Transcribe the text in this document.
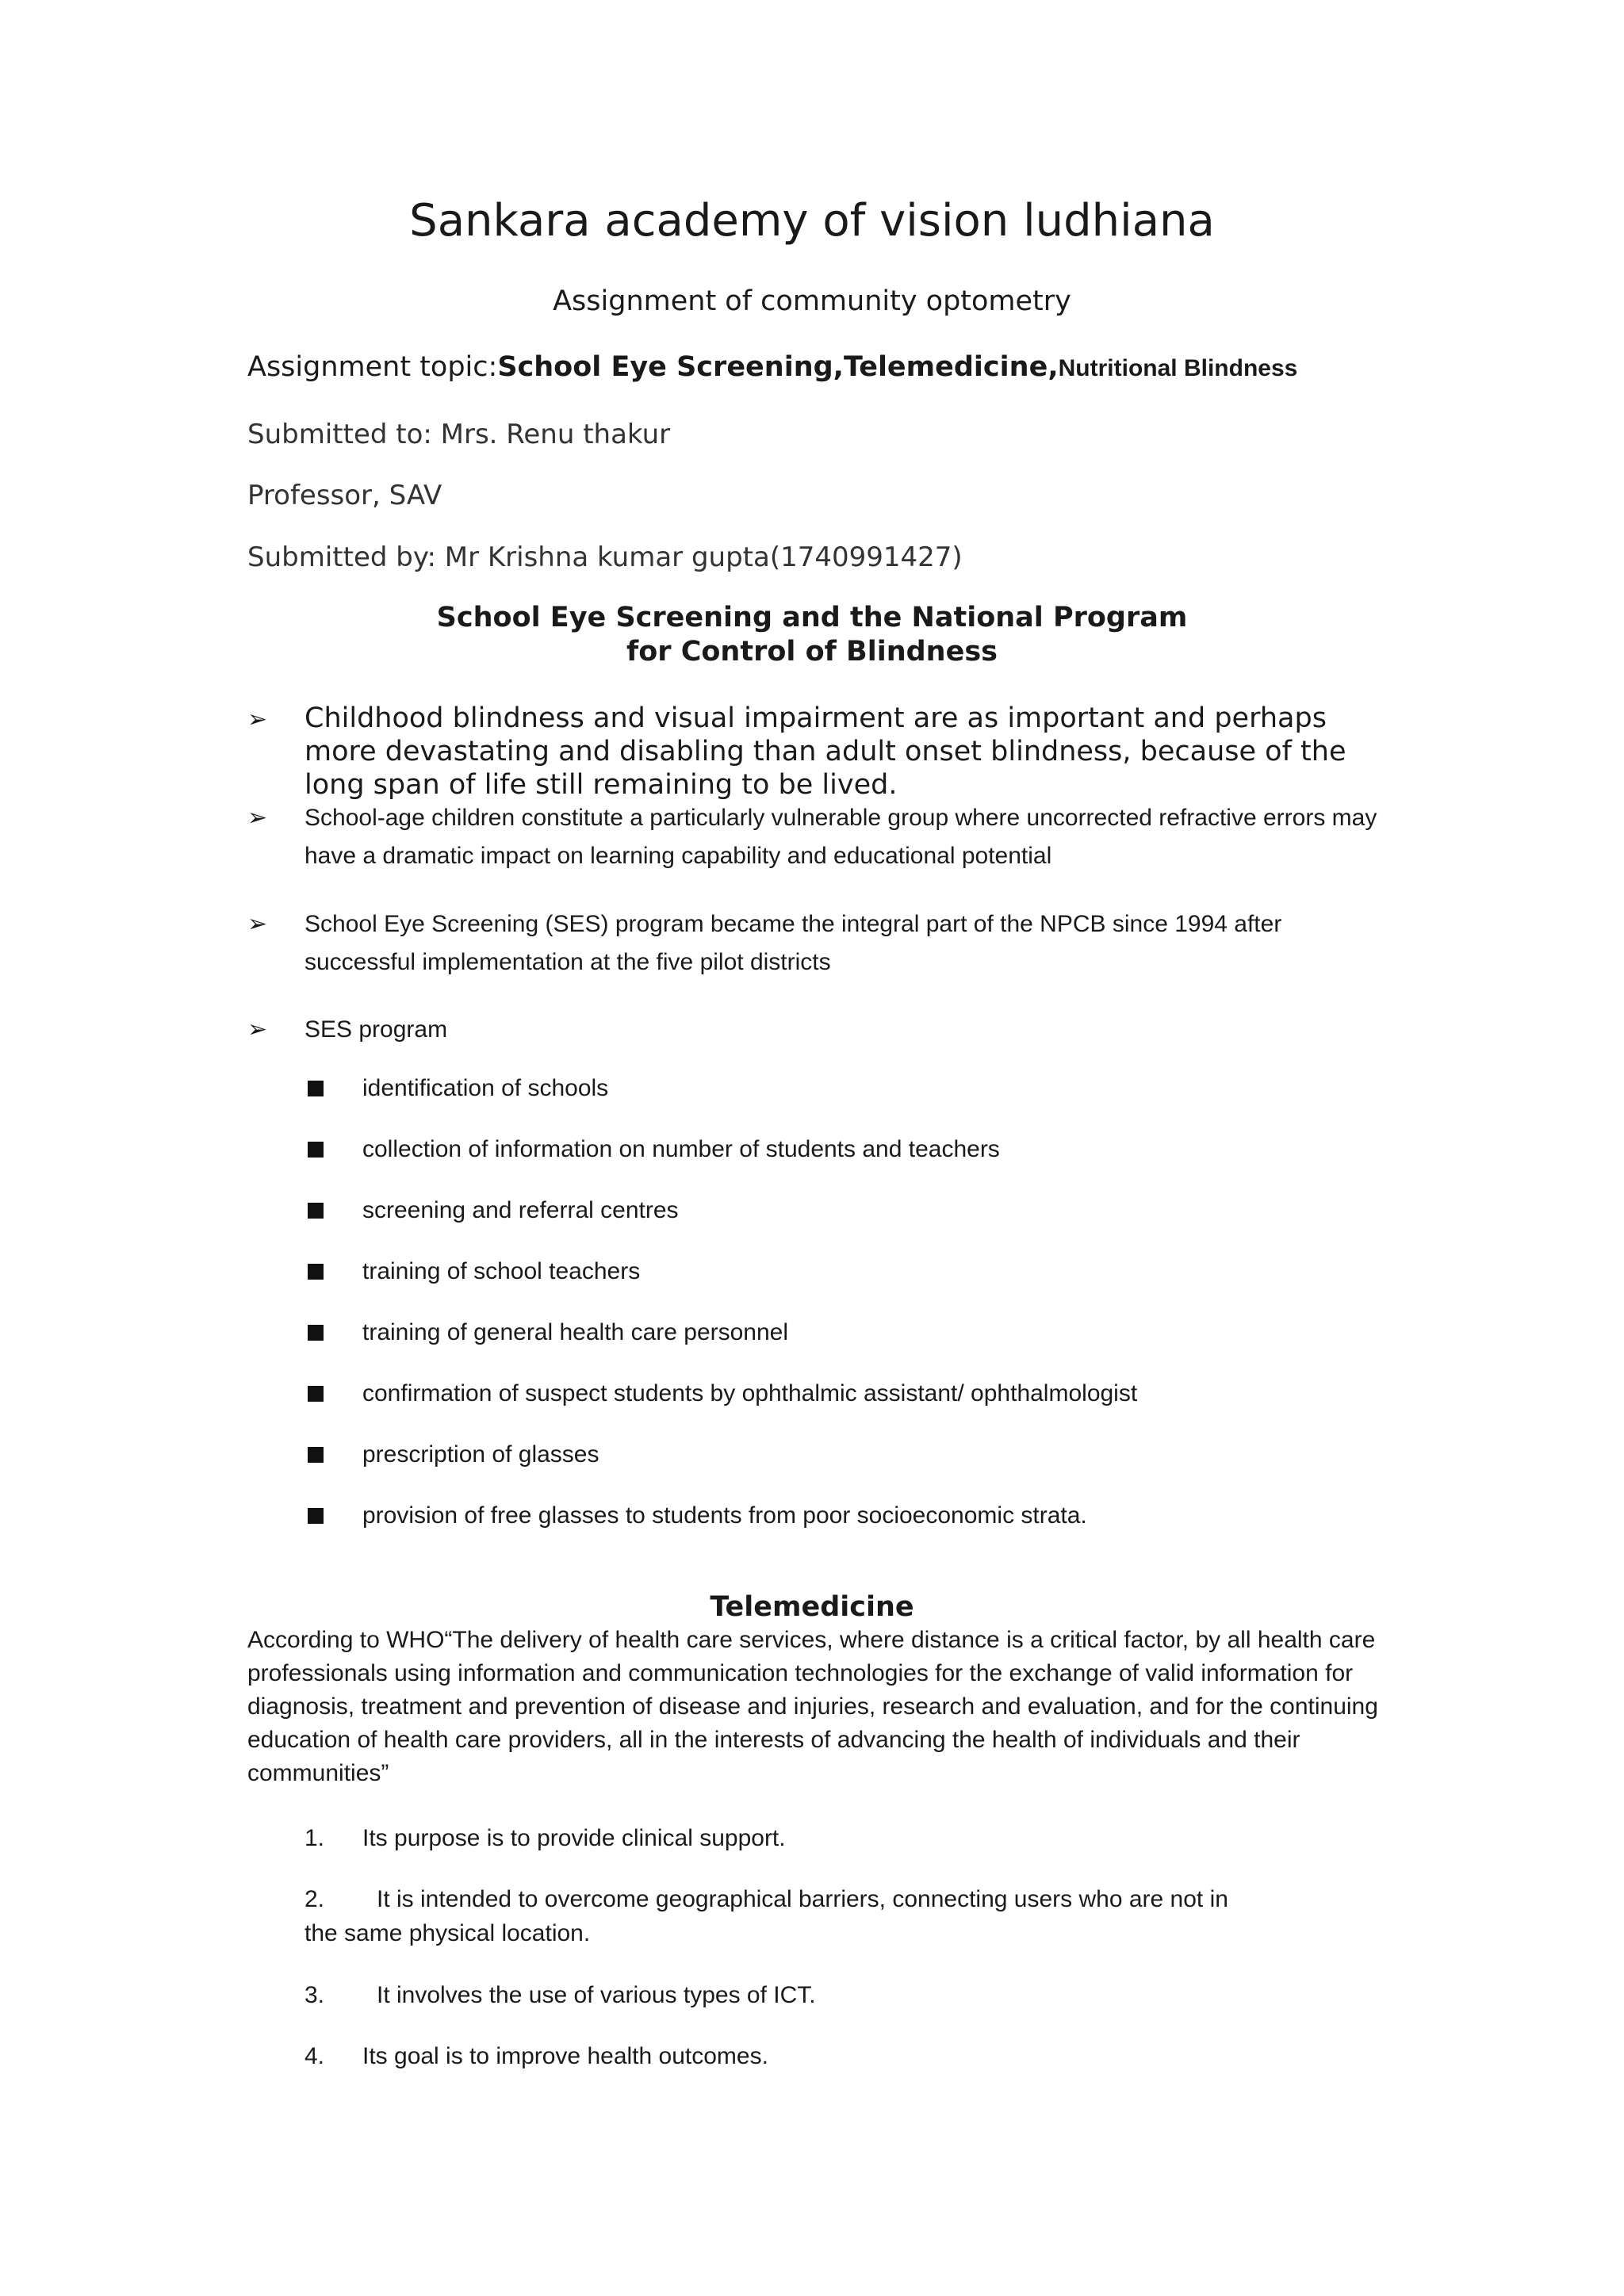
Sankara academy of vision ludhiana
Assignment of community optometry
Assignment topic:School Eye Screening,Telemedicine,Nutritional Blindness
Submitted to: Mrs. Renu thakur
Professor, SAV
Submitted by: Mr Krishna kumar gupta(1740991427)
School Eye Screening and the National Program
for Control of Blindness
➢ Childhood blindness and visual impairment are as important and perhaps more devastating and disabling than adult onset blindness, because of the long span of life still remaining to be lived.
➢ School-age children constitute a particularly vulnerable group where uncorrected refractive errors may have a dramatic impact on learning capability and educational potential
➢ School Eye Screening (SES) program became the integral part of the NPCB since 1994 after successful implementation at the five pilot districts
➢ SES program
identification of schools
collection of information on number of students and teachers
screening and referral centres
training of school teachers
training of general health care personnel
confirmation of suspect students by ophthalmic assistant/ ophthalmologist
prescription of glasses
provision of free glasses to students from poor socioeconomic strata.
Telemedicine
According to WHO“The delivery of health care services, where distance is a critical factor, by all health care professionals using information and communication technologies for the exchange of valid information for diagnosis, treatment and prevention of disease and injuries, research and evaluation, and for the continuing education of health care providers, all in the interests of advancing the health of individuals and their communities”
1. Its purpose is to provide clinical support.
2. It is intended to overcome geographical barriers, connecting users who are not in
the same physical location.
3. It involves the use of various types of ICT.
4. Its goal is to improve health outcomes.
